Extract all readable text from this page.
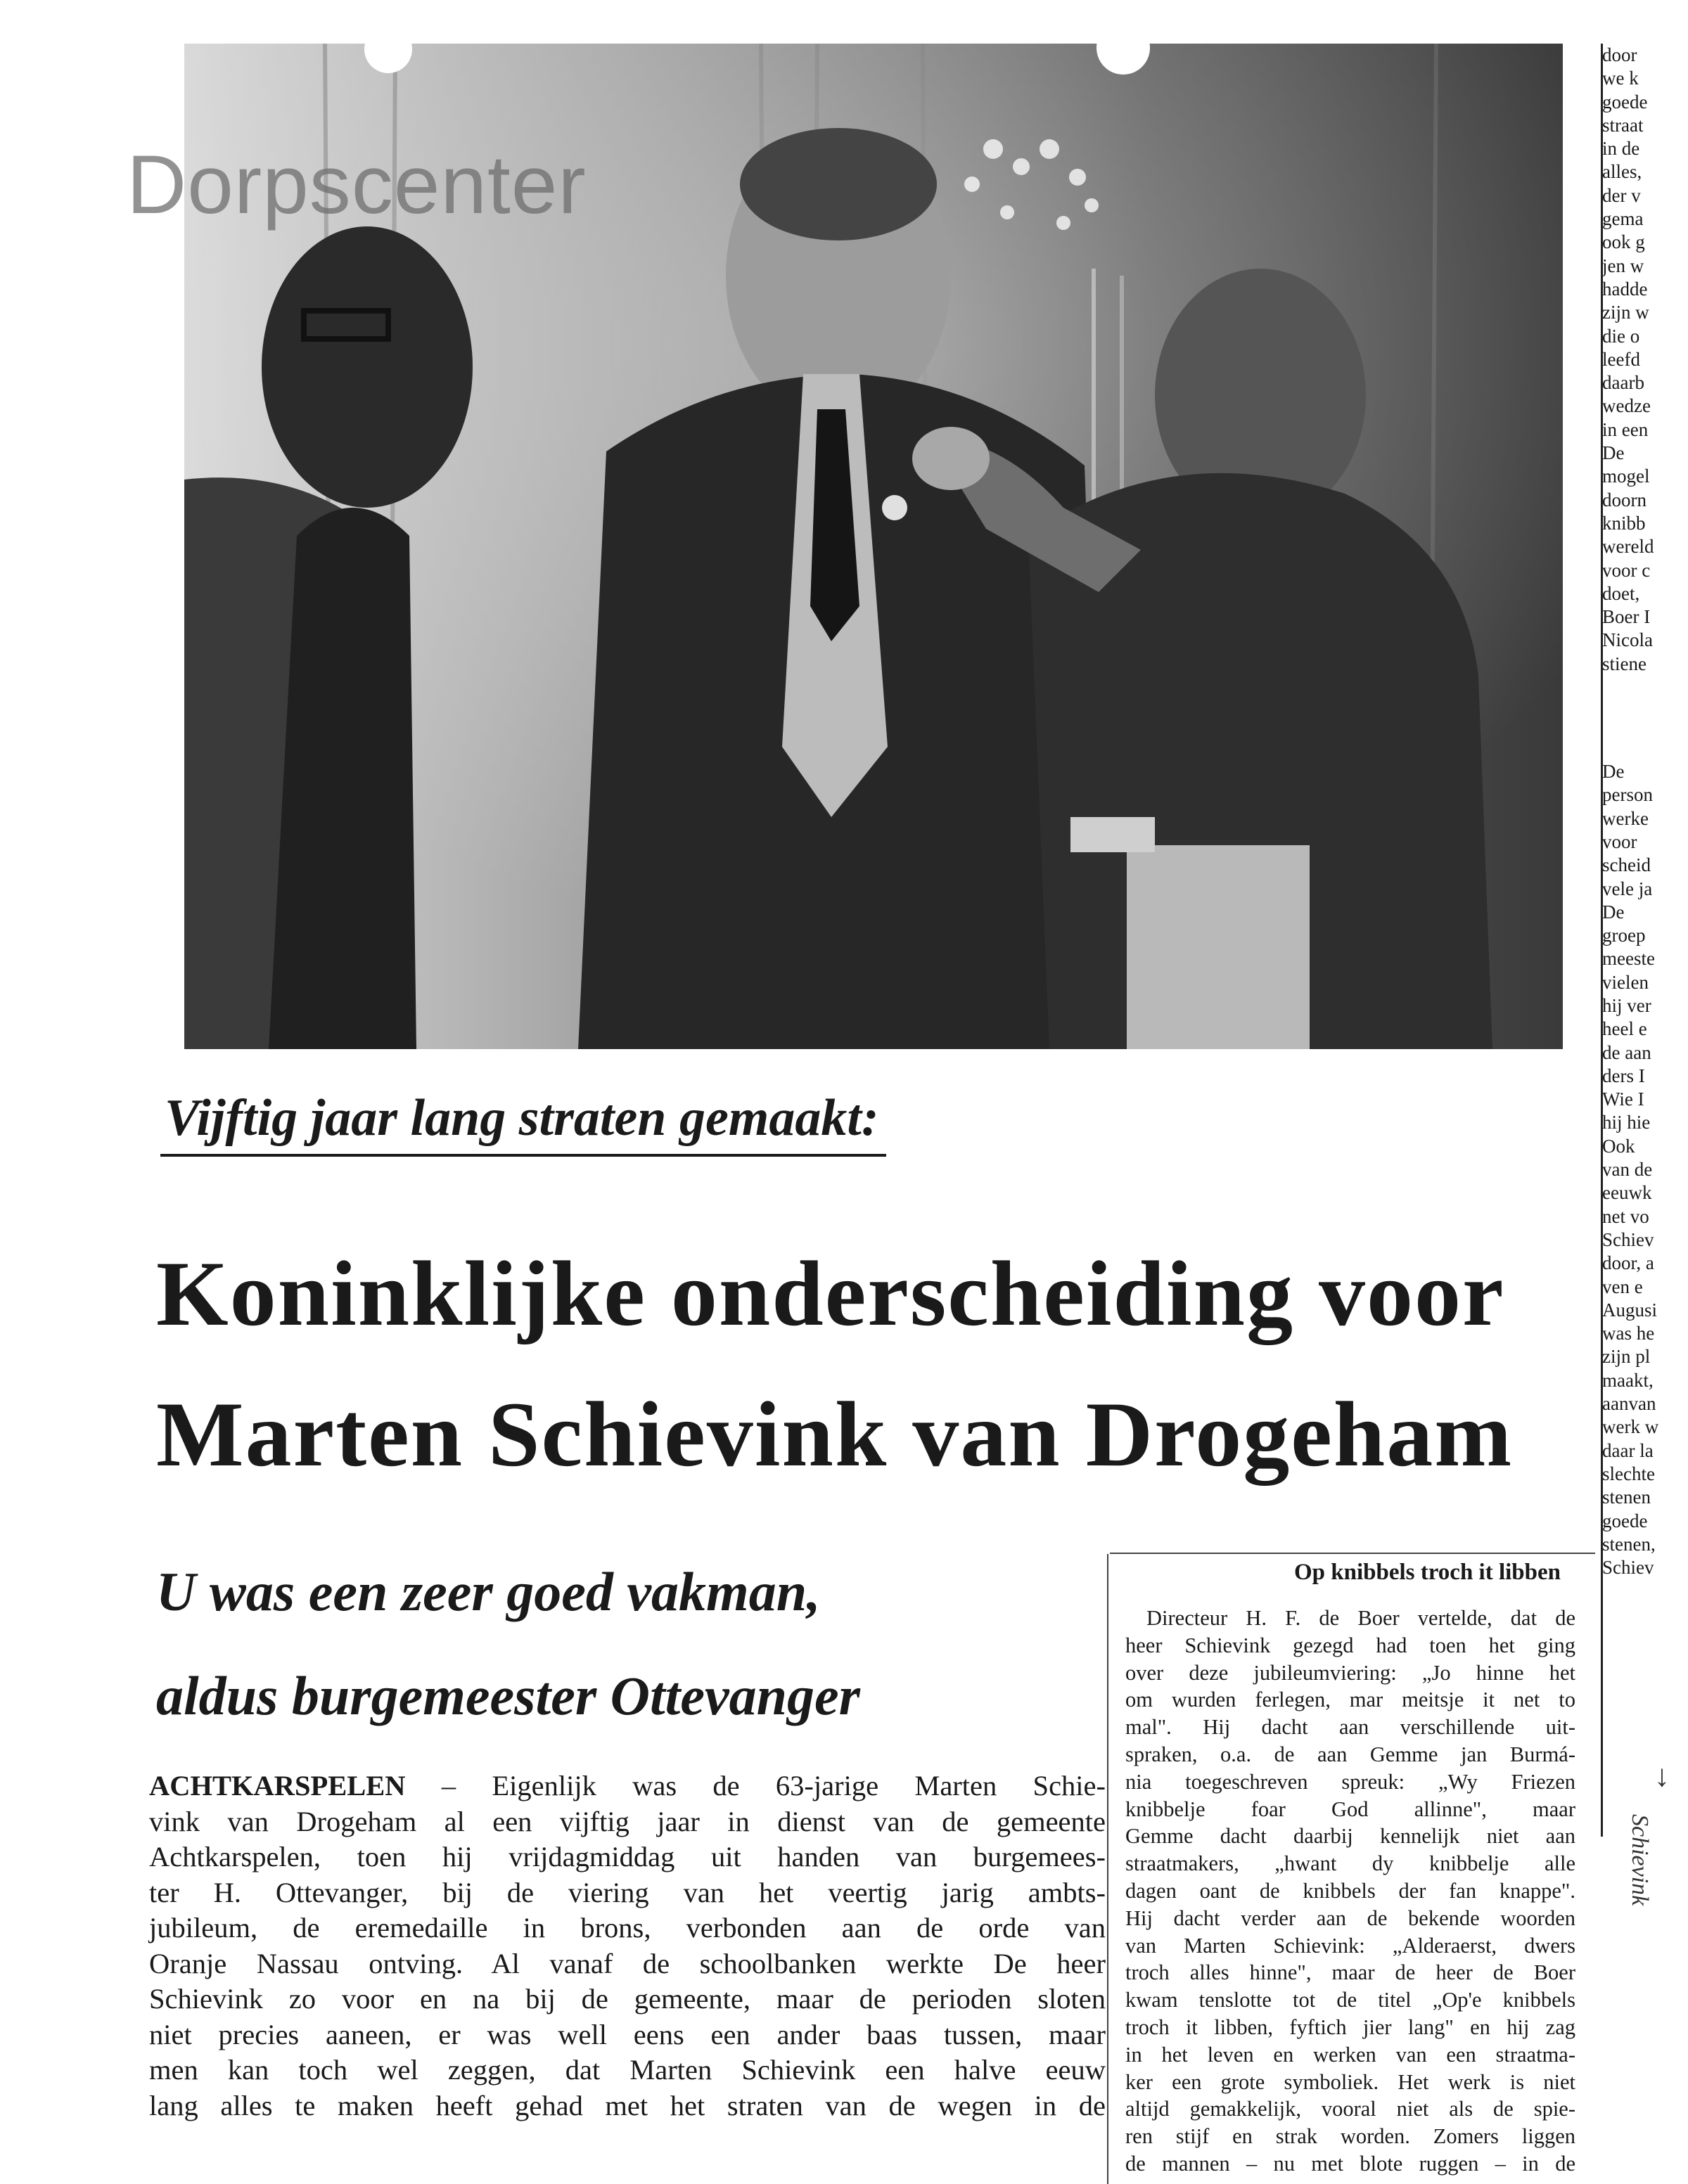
Dorpscenter
door
we k
goede
straat
in de
alles,
der v
gema
ook g
jen w
hadde
zijn w
die o
leefd
daarb
wedze
in een
De
mogel
doorn
knibb
wereld
voor c
doet,
Boer I
Nicola
stiene
De
person
werke
voor
scheid
vele ja
De
groep
meeste
vielen
hij ver
heel e
de aan
ders I
Wie I
hij hie
Ook
van de
eeuwk
net vo
Schiev
door, a
ven e
Augusi
was he
zijn pl
maakt,
aanvan
werk w
daar la
slechte
stenen
goede
stenen,
Schiev
↓
Schievink
Vijftig jaar lang straten gemaakt:
Koninklijke onderscheiding voor
Marten Schievink van Drogeham
U was een zeer goed vakman,
aldus burgemeester Ottevanger
ACHTKARSPELEN – Eigenlijk was de 63-jarige Marten Schie-
vink van Drogeham al een vijftig jaar in dienst van de gemeente
Achtkarspelen, toen hij vrijdagmiddag uit handen van burgemees-
ter H. Ottevanger, bij de viering van het veertig jarig ambts-
jubileum, de eremedaille in brons, verbonden aan de orde van
Oranje Nassau ontving. Al vanaf de schoolbanken werkte De heer
Schievink zo voor en na bij de gemeente, maar de perioden sloten
niet precies aaneen, er was well eens een ander baas tussen, maar
men kan toch wel zeggen, dat Marten Schievink een halve eeuw
lang alles te maken heeft gehad met het straten van de wegen in de
Op knibbels troch it libben
Directeur H. F. de Boer vertelde, dat de
heer Schievink gezegd had toen het ging
over deze jubileumviering: „Jo hinne het
om wurden ferlegen, mar meitsje it net to
mal". Hij dacht aan verschillende uit-
spraken, o.a. de aan Gemme jan Burmá-
nia toegeschreven spreuk: „Wy Friezen
knibbelje foar God allinne", maar
Gemme dacht daarbij kennelijk niet aan
straatmakers, „hwant dy knibbelje alle
dagen oant de knibbels der fan knappe".
Hij dacht verder aan de bekende woorden
van Marten Schievink: „Alderaerst, dwers
troch alles hinne", maar de heer de Boer
kwam tenslotte tot de titel „Op'e knibbels
troch it libben, fyftich jier lang" en hij zag
in het leven en werken van een straatma-
ker een grote symboliek. Het werk is niet
altijd gemakkelijk, vooral niet als de spie-
ren stijf en strak worden. Zomers liggen
de mannen – nu met blote ruggen – in de
